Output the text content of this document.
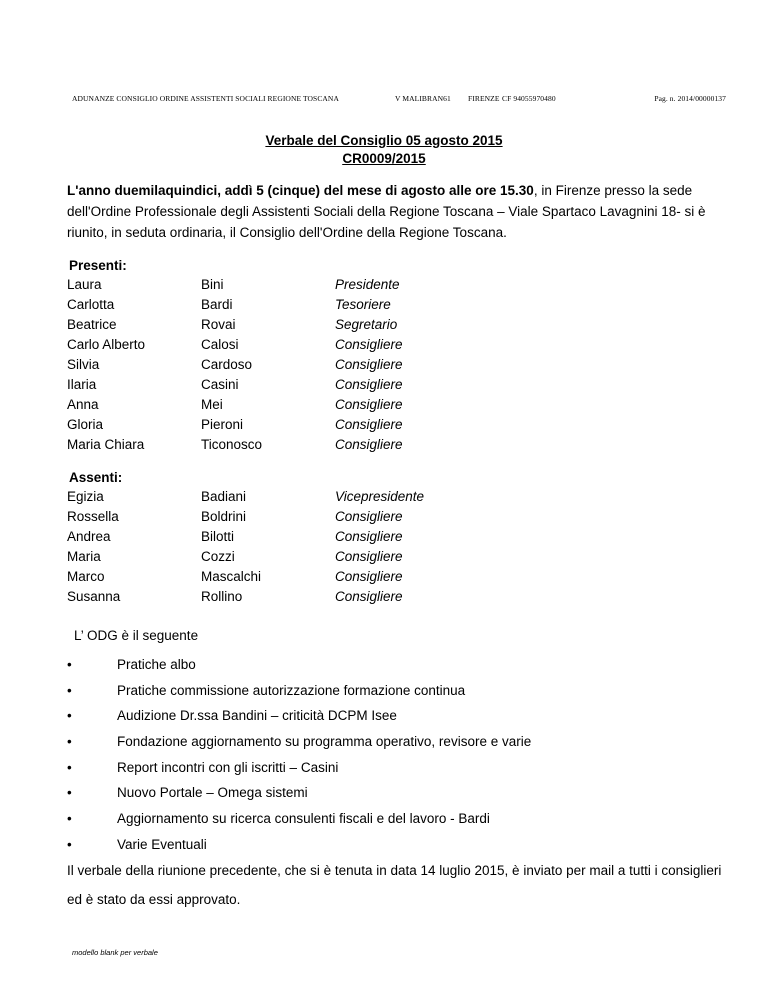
ADUNANZE CONSIGLIO ORDINE ASSISTENTI SOCIALI REGIONE TOSCANA	V MALIBRAN61 FIRENZE CF 94055970480	Pag. n. 2014/00000137
Verbale del Consiglio 05 agosto 2015
CR0009/2015
L'anno duemilaquindici, addì 5 (cinque) del mese di agosto alle ore 15.30, in Firenze presso la sede dell'Ordine Professionale degli Assistenti Sociali della Regione Toscana – Viale Spartaco Lavagnini 18- si è riunito, in seduta ordinaria, il Consiglio dell'Ordine della Regione Toscana.
Presenti:
Laura	Bini	Presidente
Carlotta	Bardi	Tesoriere
Beatrice	Rovai	Segretario
Carlo Alberto	Calosi	Consigliere
Silvia	Cardoso	Consigliere
Ilaria	Casini	Consigliere
Anna	Mei	Consigliere
Gloria	Pieroni	Consigliere
Maria Chiara	Ticonosco	Consigliere
Assenti:
Egizia	Badiani	Vicepresidente
Rossella	Boldrini	Consigliere
Andrea	Bilotti	Consigliere
Maria	Cozzi	Consigliere
Marco	Mascalchi	Consigliere
Susanna	Rollino	Consigliere
L’ ODG è il seguente
•	Pratiche albo
•	Pratiche commissione autorizzazione formazione continua
•	Audizione Dr.ssa Bandini – criticità DCPM Isee
•	Fondazione aggiornamento su programma operativo, revisore e varie
•	Report incontri con gli iscritti – Casini
•	Nuovo Portale – Omega sistemi
•	Aggiornamento su ricerca consulenti fiscali e del lavoro - Bardi
•	Varie Eventuali
Il verbale della riunione precedente, che si è tenuta in data 14 luglio 2015, è inviato per mail a tutti i consiglieri ed è stato da essi approvato.
modello blank per verbale
